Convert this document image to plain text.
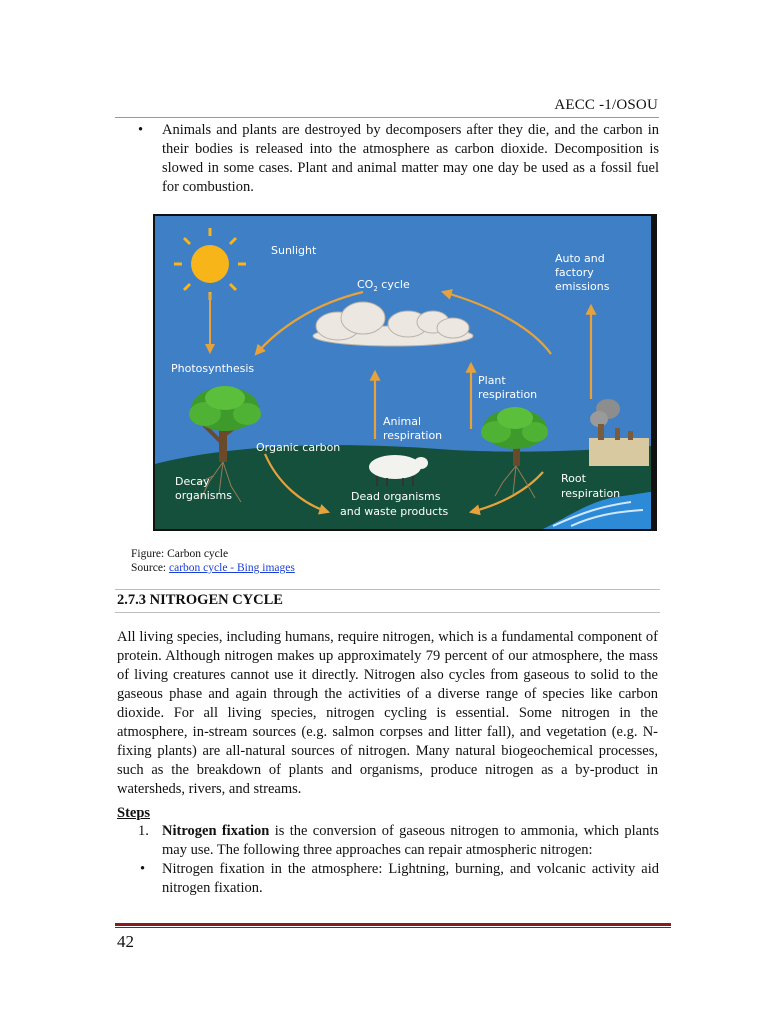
AECC -1/OSOU
• Animals and plants are destroyed by decomposers after they die, and the carbon in their bodies is released into the atmosphere as carbon dioxide. Decomposition is slowed in some cases. Plant and animal matter may one day be used as a fossil fuel for combustion.

Sunlight
$CO_2$ cycle
Auto and factory emissions
Photosynthesis
Plant respiration
Animal respiration
Organic carbon
Decay organisms	Dead organisms and waste products
Root respiration
Figure: Carbon cycle
Source: carbon cycle - Bing images
2.7.3 NITROGEN CYCLE

All living species, including humans, require nitrogen, which is a fundamental component of protein. Although nitrogen makes up approximately 79 percent of our atmosphere, the mass of living creatures cannot use it directly. Nitrogen also cycles from gaseous to solid to the gaseous phase and again through the activities of a diverse range of species like carbon dioxide. For all living species, nitrogen cycling is essential. Some nitrogen in the atmosphere, in-stream sources (e.g. salmon corpses and litter fall), and vegetation (e.g. N-fixing plants) are all-natural sources of nitrogen. Many natural biogeochemical processes, such as the breakdown of plants and organisms, produce nitrogen as a by-product in watersheds, rivers, and streams.

Steps
1. Nitrogen fixation is the conversion of gaseous nitrogen to ammonia, which plants may use. The following three approaches can repair atmospheric nitrogen:
• Nitrogen fixation in the atmosphere: Lightning, burning, and volcanic activity aid nitrogen fixation.
42
